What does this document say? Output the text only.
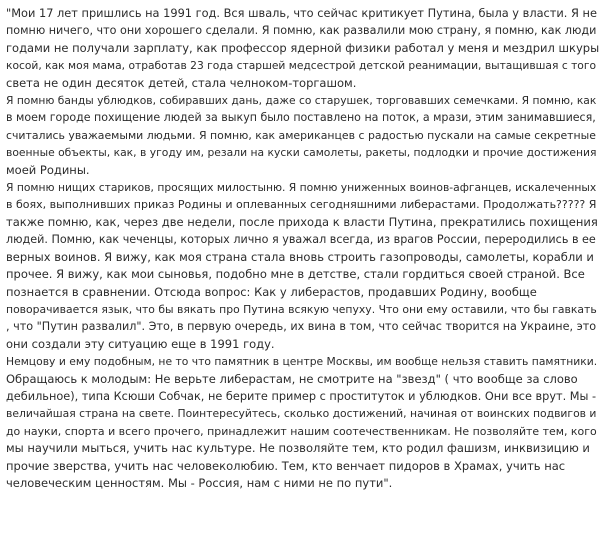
"Мои 17 лет пришлись на 1991 год. Вся шваль, что сейчас критикует Путина, была у власти. Я не
помню ничего, что они хорошего сделали. Я помню, как развалили мою страну, я помню, как люди
годами не получали зарплату, как профессор ядерной физики работал у меня и мездрил шкуры
косой, как моя мама, отработав 23 года старшей медсестрой детской реанимации, вытащившая с того
света не один десяток детей, стала челноком-торгашом.
Я помню банды ублюдков, собиравших дань, даже со старушек, торговавших семечками. Я помню, как
в моем городе похищение людей за выкуп было поставлено на поток, а мрази, этим занимавшиеся,
считались уважаемыми людьми. Я помню, как американцев с радостью пускали на самые секретные
военные объекты, как, в угоду им, резали на куски самолеты, ракеты, подлодки и прочие достижения
моей Родины.
Я помню нищих стариков, просящих милостыню. Я помню униженных воинов-афганцев, искалеченных
в боях, выполнивших приказ Родины и оплеванных сегодняшними либерастами. Продолжать????? Я
также помню, как, через две недели, после прихода к власти Путина, прекратились похищения
людей. Помню, как чеченцы, которых лично я уважал всегда, из врагов России, переродились в ее
верных воинов. Я вижу, как моя страна стала вновь строить газопроводы, самолеты, корабли и
прочее. Я вижу, как мои сыновья, подобно мне в детстве, стали гордиться своей страной. Все
познается в сравнении. Отсюда вопрос: Как у либерастов, продавших Родину, вообще
поворачивается язык, что бы вякать про Путина всякую чепуху. Что они ему оставили, что бы гавкать
, что "Путин развалил". Это, в первую очередь, их вина в том, что сейчас творится на Украине, это
они создали эту ситуацию еще в 1991 году.
Немцову и ему подобным, не то что памятник в центре Москвы, им вообще нельзя ставить памятники.
Обращаюсь к молодым: Не верьте либерастам, не смотрите на "звезд" ( что вообще за слово
дебильное), типа Ксюши Собчак, не берите пример с проституток и ублюдков. Они все врут. Мы -
величайшая страна на свете. Поинтересуйтесь, сколько достижений, начиная от воинских подвигов и
до науки, спорта и всего прочего, принадлежит нашим соотечественникам. Не позволяйте тем, кого
мы научили мыться, учить нас культуре. Не позволяйте тем, кто родил фашизм, инквизицию и
прочие зверства, учить нас человеколюбию. Тем, кто венчает пидоров в Храмах, учить нас
человеческим ценностям. Мы - Россия, нам с ними не по пути".
